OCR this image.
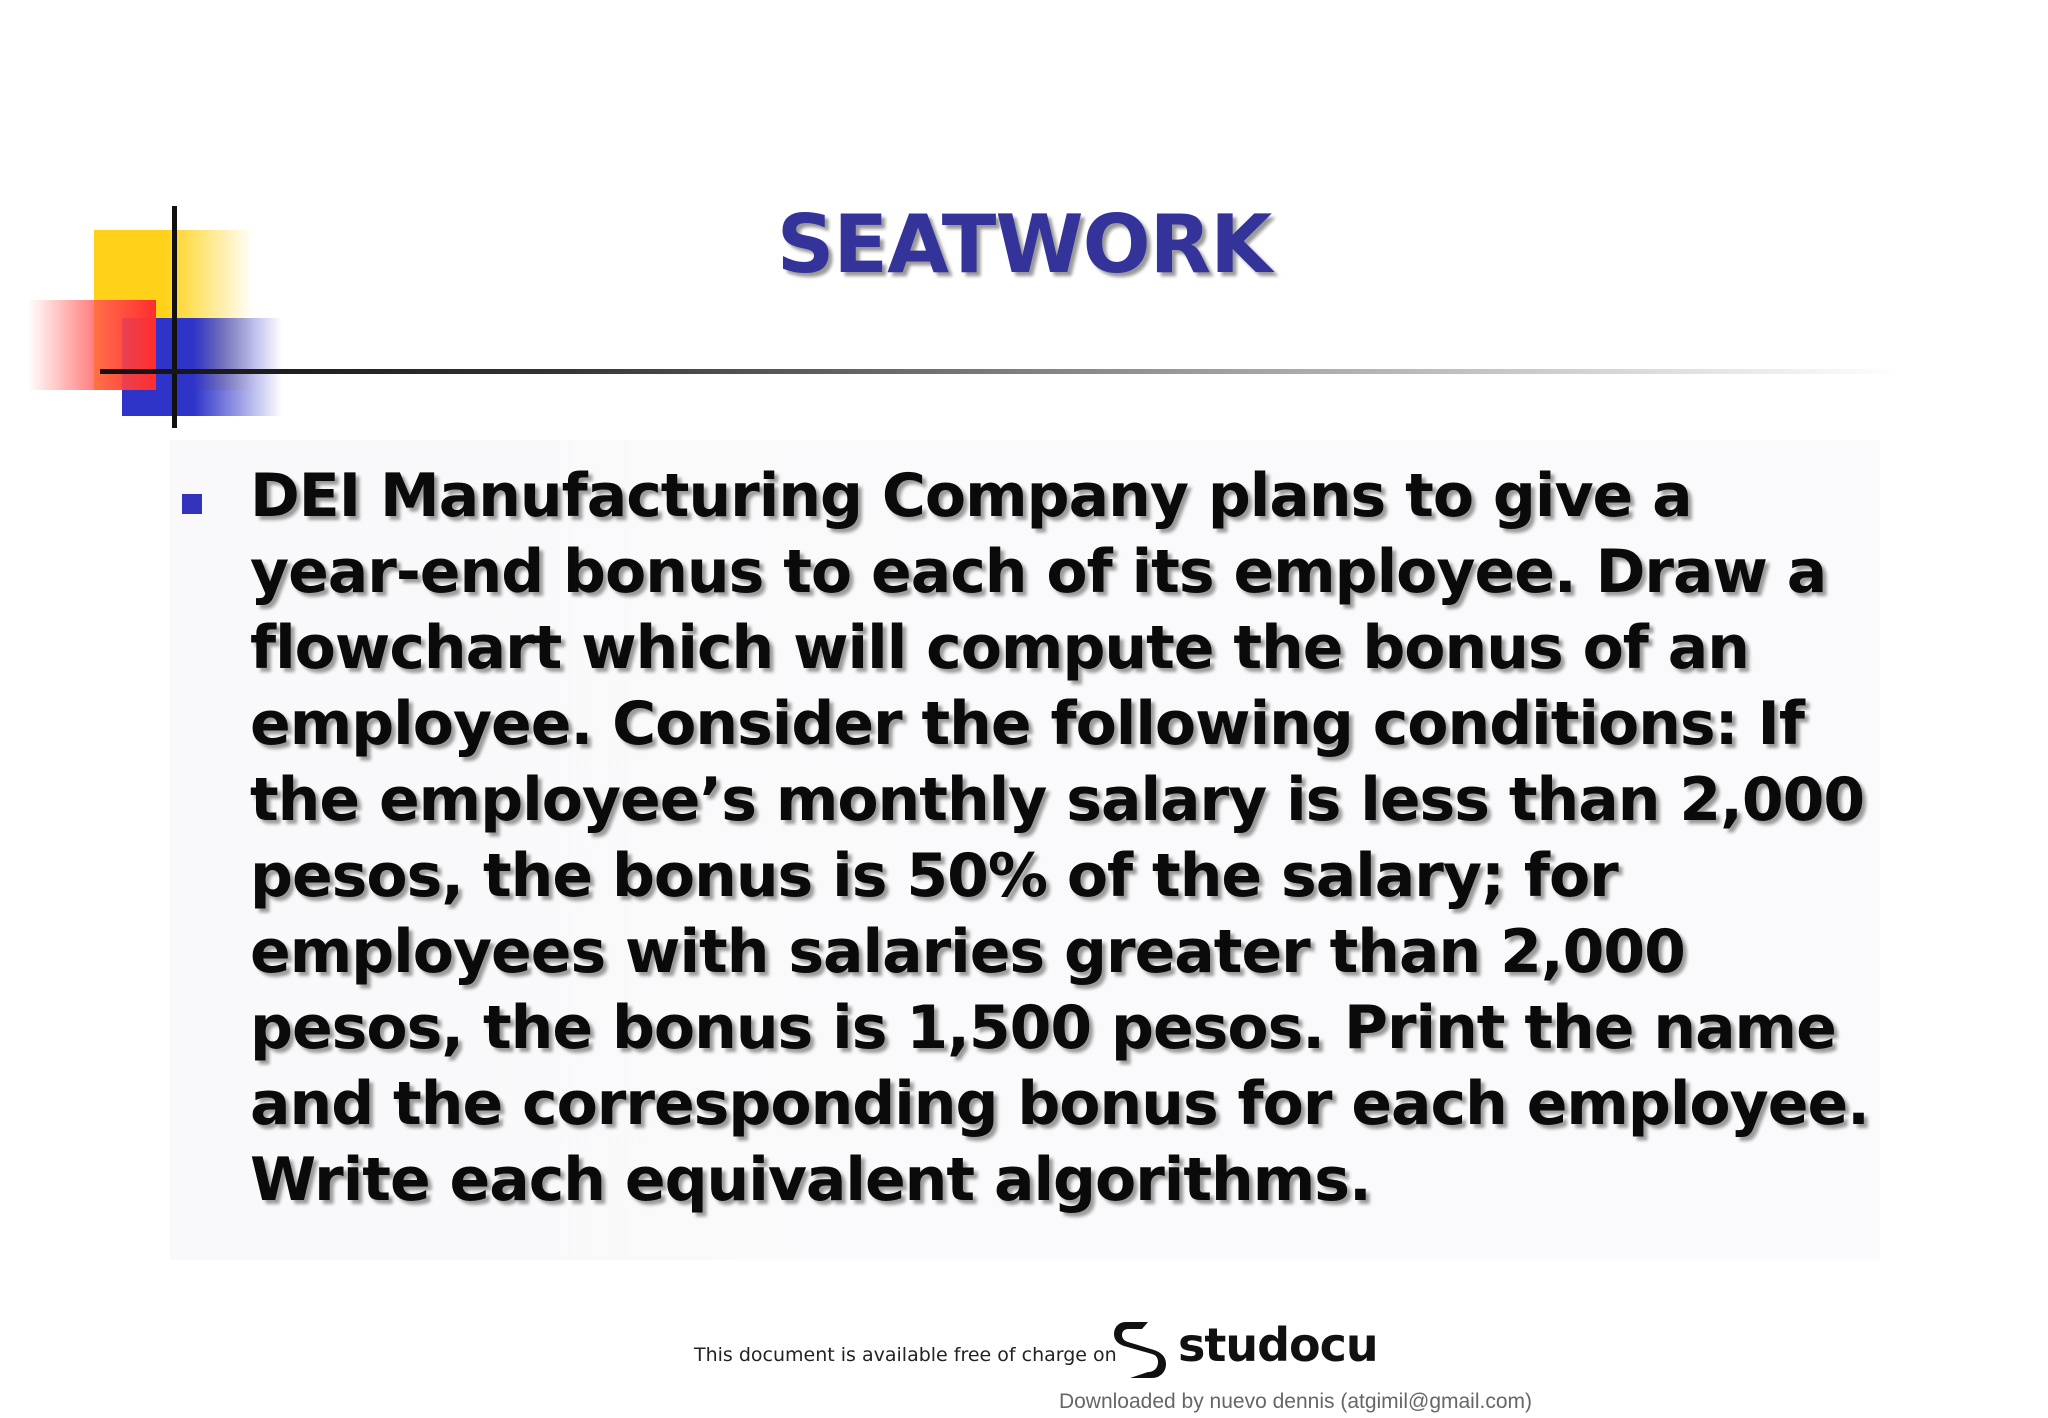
SEATWORK

DEI Manufacturing Company plans to give a year-end bonus to each of its employee. Draw a flowchart which will compute the bonus of an employee. Consider the following conditions: If the employee’s monthly salary is less than 2,000 pesos, the bonus is 50% of the salary; for employees with salaries greater than 2,000 pesos, the bonus is 1,500 pesos. Print the name and the corresponding bonus for each employee. Write each equivalent algorithms.

This document is available free of charge on studocu
Downloaded by nuevo dennis (atgimil@gmail.com)
